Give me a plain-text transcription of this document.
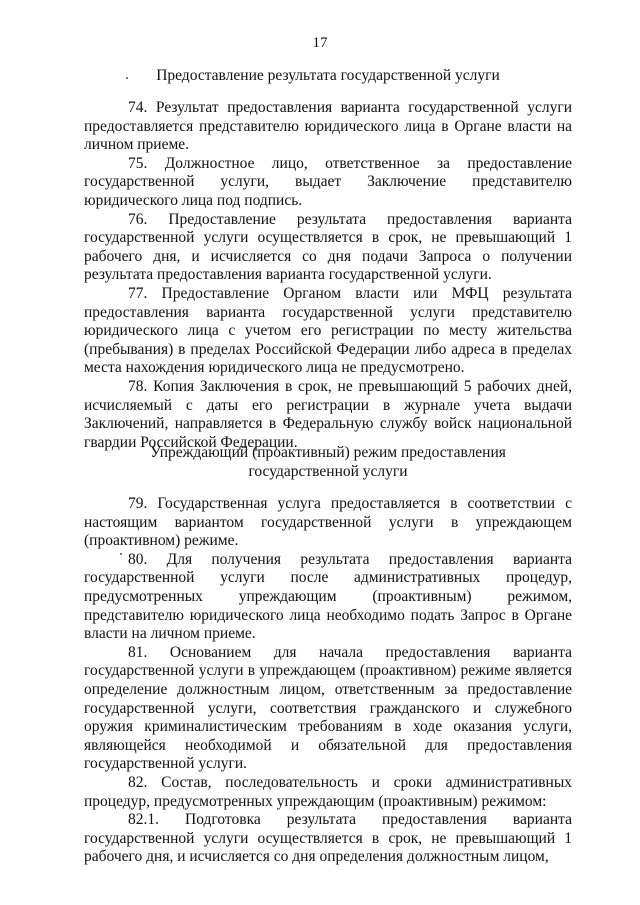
17
Предоставление результата государственной услуги

74. Результат предоставления варианта государственной услуги предоставляется представителю юридического лица в Органе власти на личном приеме.

75. Должностное лицо, ответственное за предоставление государственной услуги, выдает Заключение представителю юридического лица под подпись.

76. Предоставление результата предоставления варианта государственной услуги осуществляется в срок, не превышающий 1 рабочего дня, и исчисляется со дня подачи Запроса о получении результата предоставления варианта государственной услуги.

77. Предоставление Органом власти или МФЦ результата предоставления варианта государственной услуги представителю юридического лица с учетом его регистрации по месту жительства (пребывания) в пределах Российской Федерации либо адреса в пределах места нахождения юридического лица не предусмотрено.

78. Копия Заключения в срок, не превышающий 5 рабочих дней, исчисляемый с даты его регистрации в журнале учета выдачи Заключений, направляется в Федеральную службу войск национальной гвардии Российской Федерации.

Упреждающий (проактивный) режим предоставления
государственной услуги

79. Государственная услуга предоставляется в соответствии с настоящим вариантом государственной услуги в упреждающем (проактивном) режиме.

80. Для получения результата предоставления варианта государственной услуги после административных процедур, предусмотренных упреждающим (проактивным) режимом, представителю юридического лица необходимо подать Запрос в Органе власти на личном приеме.

81. Основанием для начала предоставления варианта государственной услуги в упреждающем (проактивном) режиме является определение должностным лицом, ответственным за предоставление государственной услуги, соответствия гражданского и служебного оружия криминалистическим требованиям в ходе оказания услуги, являющейся необходимой и обязательной для предоставления государственной услуги.

82. Состав, последовательность и сроки административных процедур, предусмотренных упреждающим (проактивным) режимом:

82.1. Подготовка результата предоставления варианта государственной услуги осуществляется в срок, не превышающий 1 рабочего дня, и исчисляется со дня определения должностным лицом,
